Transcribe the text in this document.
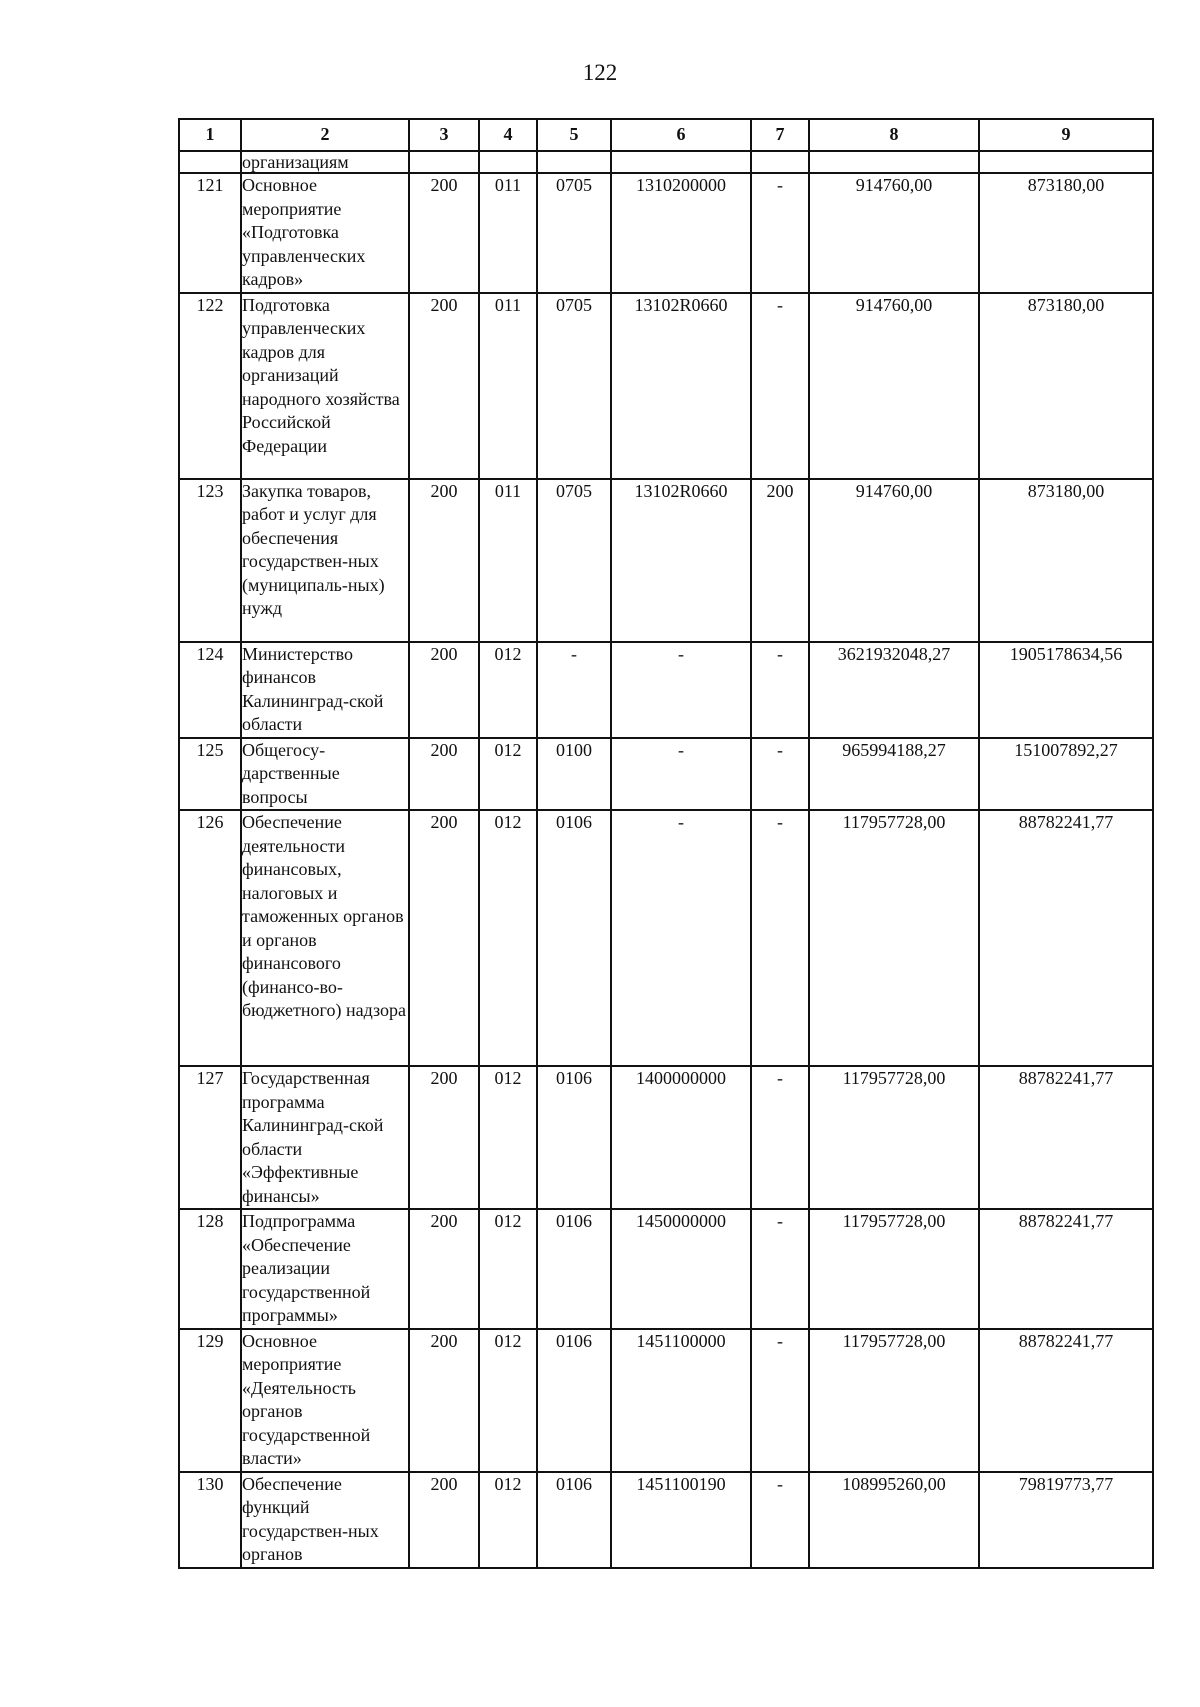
122
1	2	3	4	5	6	7	8	9
	организациям							
121	Основное мероприятие «Подготовка управленческих кадров»	200	011	0705	1310200000	-	914760,00	873180,00
122	Подготовка управленческих кадров для организаций народного хозяйства Российской Федерации	200	011	0705	13102R0660	-	914760,00	873180,00
123	Закупка товаров, работ и услуг для обеспечения государствен-ных (муниципаль-ных) нужд	200	011	0705	13102R0660	200	914760,00	873180,00
124	Министерство финансов Калининград-ской области	200	012	-	-	-	3621932048,27	1905178634,56
125	Общегосу-дарственные вопросы	200	012	0100	-	-	965994188,27	151007892,27
126	Обеспечение деятельности финансовых, налоговых и таможенных органов и органов финансового (финансо-во-бюджетного) надзора	200	012	0106	-	-	117957728,00	88782241,77
127	Государственная программа Калининград-ской области «Эффективные финансы»	200	012	0106	1400000000	-	117957728,00	88782241,77
128	Подпрограмма «Обеспечение реализации государственной программы»	200	012	0106	1450000000	-	117957728,00	88782241,77
129	Основное мероприятие «Деятельность органов государственной власти»	200	012	0106	1451100000	-	117957728,00	88782241,77
130	Обеспечение функций государствен-ных органов	200	012	0106	1451100190	-	108995260,00	79819773,77
